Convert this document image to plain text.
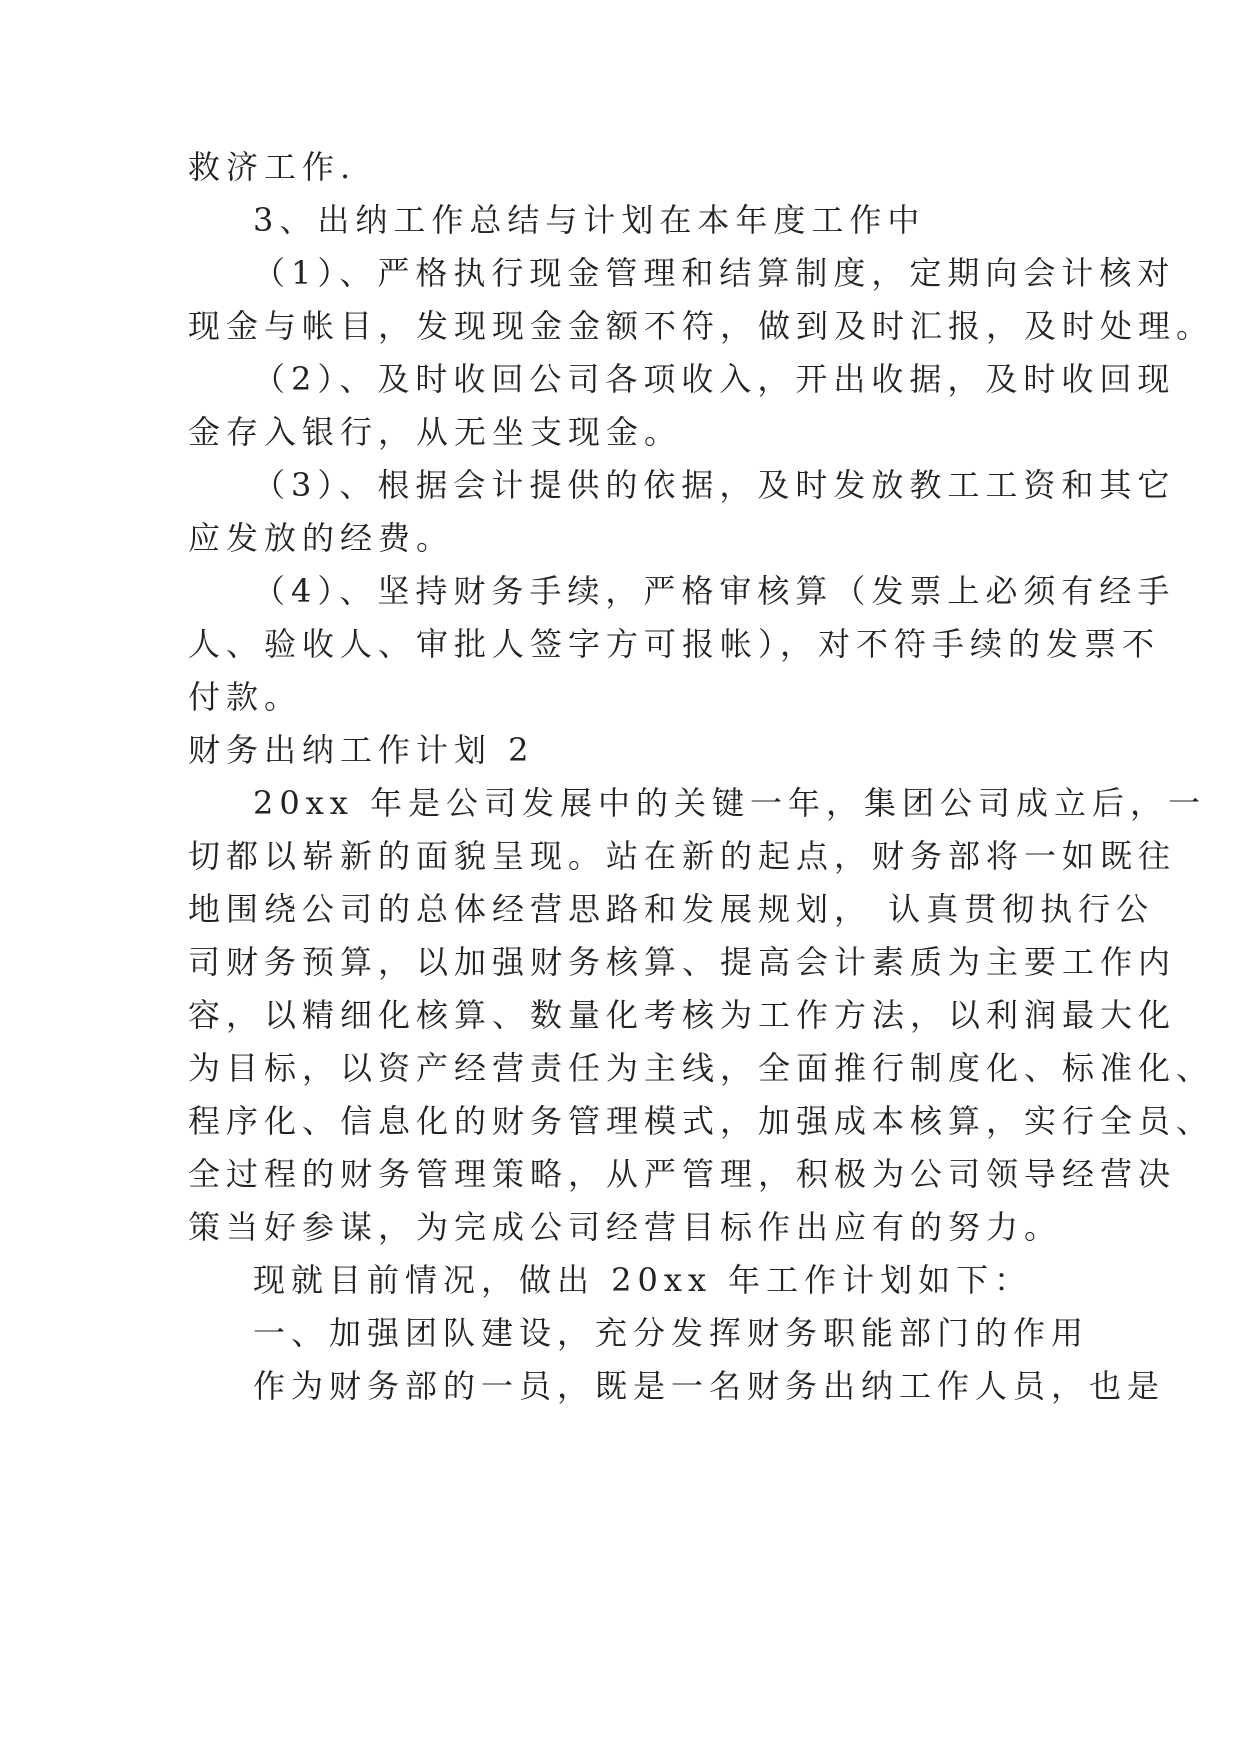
救济工作.
3、出纳工作总结与计划在本年度工作中
（1）、严格执行现金管理和结算制度，定期向会计核对
现金与帐目，发现现金金额不符，做到及时汇报，及时处理。
（2）、及时收回公司各项收入，开出收据，及时收回现
金存入银行，从无坐支现金。
（3）、根据会计提供的依据，及时发放教工工资和其它
应发放的经费。
（4）、坚持财务手续，严格审核算（发票上必须有经手
人、验收人、审批人签字方可报帐），对不符手续的发票不
付款。
财务出纳工作计划 2
20xx 年是公司发展中的关键一年，集团公司成立后，一
切都以崭新的面貌呈现。站在新的起点，财务部将一如既往
地围绕公司的总体经营思路和发展规划， 认真贯彻执行公
司财务预算，以加强财务核算、提高会计素质为主要工作内
容，以精细化核算、数量化考核为工作方法，以利润最大化
为目标，以资产经营责任为主线，全面推行制度化、标准化、
程序化、信息化的财务管理模式，加强成本核算，实行全员、
全过程的财务管理策略，从严管理，积极为公司领导经营决
策当好参谋，为完成公司经营目标作出应有的努力。
现就目前情况，做出 20xx 年工作计划如下：
一、加强团队建设，充分发挥财务职能部门的作用
作为财务部的一员，既是一名财务出纳工作人员，也是
